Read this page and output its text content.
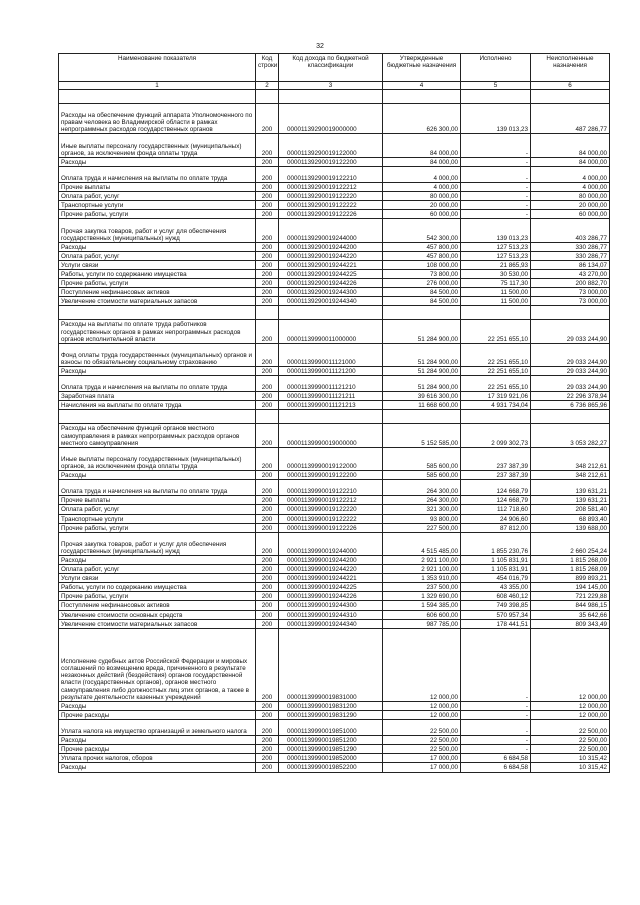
32
Наименование показателя	Код строки	Код дохода по бюджетной классификации	Утвержденные бюджетные назначения	Исполнено	Неисполненные назначения
1	2	3	4	5	6

Расходы на обеспечение функций аппарата Уполномоченного по правам человека во Владимирской области в рамках непрограммных расходов государственных органов	200	00001139290019000000	626 300,00	139 013,23	487 286,77
Иные выплаты персоналу государственных (муниципальных) органов, за исключением фонда оплаты труда	200	00001139290019122000	84 000,00	-	84 000,00
Расходы	200	00001139290019122200	84 000,00	-	84 000,00
Оплата труда и начисления на выплаты по оплате труда	200	00001139290019122210	4 000,00	-	4 000,00
Прочие выплаты	200	00001139290019122212	4 000,00	-	4 000,00
Оплата работ, услуг	200	00001139290019122220	80 000,00	-	80 000,00
Транспортные услуги	200	00001139290019122222	20 000,00	-	20 000,00
Прочие работы, услуги	200	00001139290019122226	60 000,00	-	60 000,00
Прочая закупка товаров, работ и услуг для обеспечения государственных (муниципальных) нужд	200	00001139290019244000	542 300,00	139 013,23	403 286,77
Расходы	200	00001139290019244200	457 800,00	127 513,23	330 286,77
Оплата работ, услуг	200	00001139290019244220	457 800,00	127 513,23	330 286,77
Услуги связи	200	00001139290019244221	108 000,00	21 865,93	86 134,07
Работы, услуги по содержанию имущества	200	00001139290019244225	73 800,00	30 530,00	43 270,00
Прочие работы, услуги	200	00001139290019244226	276 000,00	75 117,30	200 882,70
Поступление нефинансовых активов	200	00001139290019244300	84 500,00	11 500,00	73 000,00
Увеличение стоимости материальных запасов	200	00001139290019244340	84 500,00	11 500,00	73 000,00

Расходы на выплаты по оплате труда работников государственных органов в рамках непрограммных расходов органов исполнительной власти	200	00001139990011000000	51 284 900,00	22 251 655,10	29 033 244,90
Фонд оплаты труда государственных (муниципальных) органов и взносы по обязательному социальному страхованию	200	00001139990011121000	51 284 900,00	22 251 655,10	29 033 244,90
Расходы	200	00001139990011121200	51 284 900,00	22 251 655,10	29 033 244,90
Оплата труда и начисления на выплаты по оплате труда	200	00001139990011121210	51 284 900,00	22 251 655,10	29 033 244,90
Заработная плата	200	00001139990011121211	39 616 300,00	17 319 921,06	22 296 378,94
Начисления на выплаты по оплате труда	200	00001139990011121213	11 668 600,00	4 931 734,04	6 736 865,96

Расходы на обеспечение функций органов местного самоуправления в рамках непрограммных расходов органов местного самоуправления	200	00001139990019000000	5 152 585,00	2 099 302,73	3 053 282,27
Иные выплаты персоналу государственных (муниципальных) органов, за исключением фонда оплаты труда	200	00001139990019122000	585 600,00	237 387,39	348 212,61
Расходы	200	00001139990019122200	585 600,00	237 387,39	348 212,61
Оплата труда и начисления на выплаты по оплате труда	200	00001139990019122210	264 300,00	124 668,79	139 631,21
Прочие выплаты	200	00001139990019122212	264 300,00	124 668,79	139 631,21
Оплата работ, услуг	200	00001139990019122220	321 300,00	112 718,60	208 581,40
Транспортные услуги	200	00001139990019122222	93 800,00	24 906,60	68 893,40
Прочие работы, услуги	200	00001139990019122226	227 500,00	87 812,00	139 688,00
Прочая закупка товаров, работ и услуг для обеспечения государственных (муниципальных) нужд	200	00001139990019244000	4 515 485,00	1 855 230,76	2 660 254,24
Расходы	200	00001139990019244200	2 921 100,00	1 105 831,91	1 815 268,09
Оплата работ, услуг	200	00001139990019244220	2 921 100,00	1 105 831,91	1 815 268,09
Услуги связи	200	00001139990019244221	1 353 910,00	454 016,79	899 893,21
Работы, услуги по содержанию имущества	200	00001139990019244225	237 500,00	43 355,00	194 145,00
Прочие работы, услуги	200	00001139990019244226	1 329 690,00	608 460,12	721 229,88
Поступление нефинансовых активов	200	00001139990019244300	1 594 385,00	749 398,85	844 986,15
Увеличение стоимости основных средств	200	00001139990019244310	606 600,00	570 957,34	35 642,66
Увеличение стоимости материальных запасов	200	00001139990019244340	987 785,00	178 441,51	809 343,49
Исполнение судебных актов Российской Федерации и мировых соглашений по возмещению вреда, причиненного в результате незаконных действий (бездействия) органов государственной власти (государственных органов), органов местного самоуправления либо должностных лиц этих органов, а также в результате деятельности казенных учреждений	200	00001139990019831000	12 000,00	-	12 000,00
Расходы	200	00001139990019831200	12 000,00	-	12 000,00
Прочие расходы	200	00001139990019831290	12 000,00	-	12 000,00
Уплата налога на имущество организаций и земельного налога	200	00001139990019851000	22 500,00	-	22 500,00
Расходы	200	00001139990019851200	22 500,00	-	22 500,00
Прочие расходы	200	00001139990019851290	22 500,00	-	22 500,00
Уплата прочих налогов, сборов	200	00001139990019852000	17 000,00	6 684,58	10 315,42
Расходы	200	00001139990019852200	17 000,00	6 684,58	10 315,42
